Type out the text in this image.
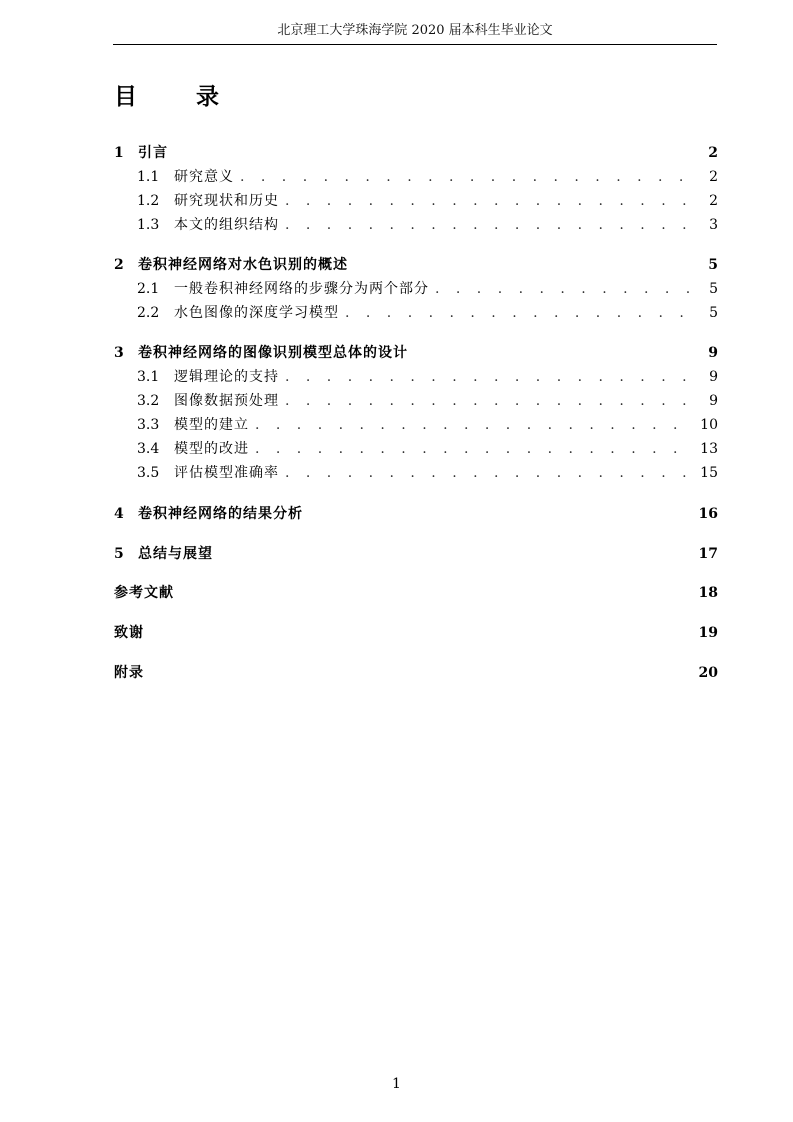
北京理工大学珠海学院 2020 届本科生毕业论文
目　录
1	引言	2
1.1	研究意义 . . .	2
1.2	研究现状和历史 . . .	2
1.3	本文的组织结构 . . .	3
2	卷积神经网络对水色识别的概述	5
2.1	一般卷积神经网络的步骤分为两个部分 . . .	5
2.2	水色图像的深度学习模型 . . .	5
3	卷积神经网络的图像识别模型总体的设计	9
3.1	逻辑理论的支持 . . .	9
3.2	图像数据预处理 . . .	9
3.3	模型的建立 . . .	10
3.4	模型的改进 . . .	13
3.5	评估模型准确率 . . .	15
4	卷积神经网络的结果分析	16
5	总结与展望	17
参考文献	18
致谢	19
附录	20
1
